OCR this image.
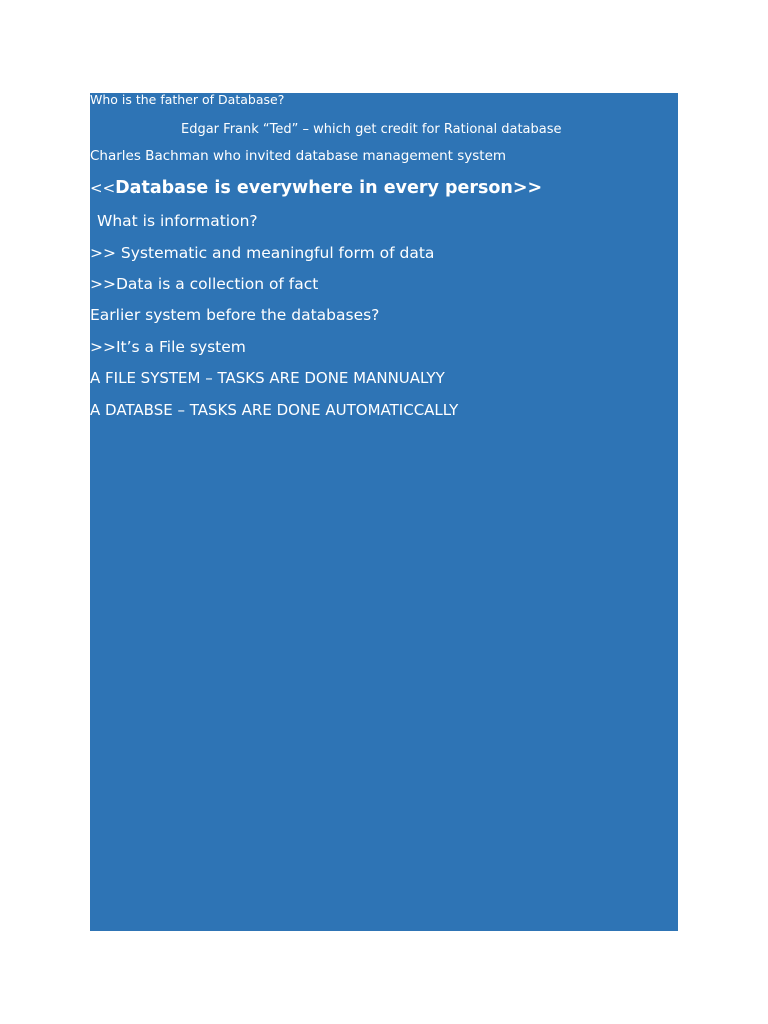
Who is the father of Database?
Edgar Frank “Ted” – which get credit for Rational database
Charles Bachman who invited database management system
<<Database is everywhere in every person>>
What is information?
>> Systematic and meaningful form of data
>>Data is a collection of fact
Earlier system before the databases?
>>It’s a File system
A FILE SYSTEM – TASKS ARE DONE MANNUALYY
A DATABSE – TASKS ARE DONE AUTOMATICCALLY
